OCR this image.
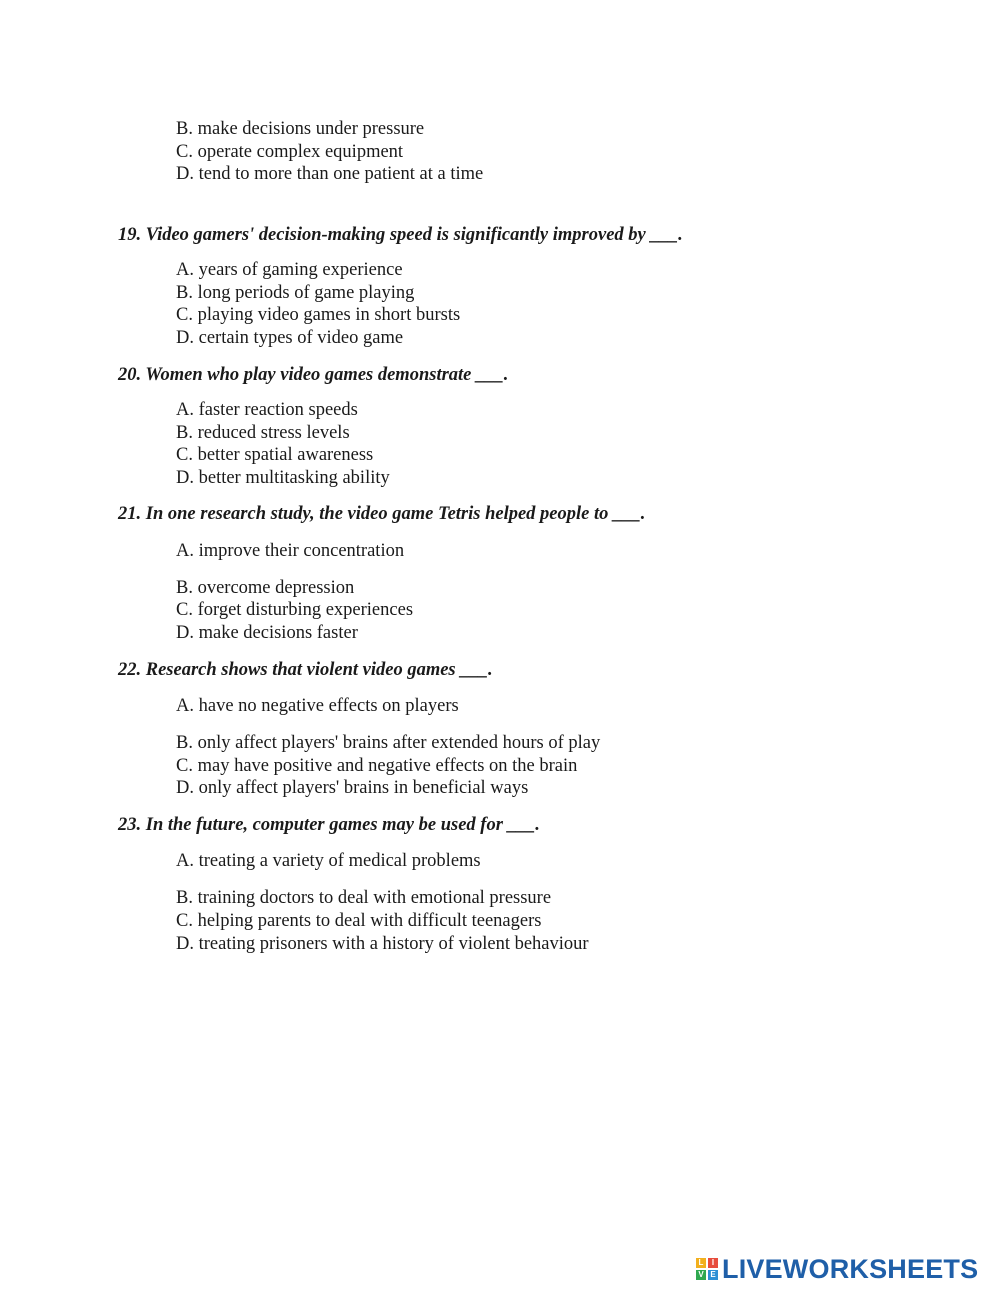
B. make decisions under pressure
C. operate complex equipment
D. tend to more than one patient at a time
19. Video gamers' decision-making speed is significantly improved by ___.
A. years of gaming experience
B. long periods of game playing
C. playing video games in short bursts
D. certain types of video game
20. Women who play video games demonstrate ___.
A. faster reaction speeds
B. reduced stress levels
C. better spatial awareness
D. better multitasking ability
21. In one research study, the video game Tetris helped people to ___.
A. improve their concentration
B. overcome depression
C. forget disturbing experiences
D. make decisions faster
22. Research shows that violent video games ___.
A. have no negative effects on players
B. only affect players' brains after extended hours of play
C. may have positive and negative effects on the brain
D. only affect players' brains in beneficial ways
23. In the future, computer games may be used for ___.
A. treating a variety of medical problems
B. training doctors to deal with emotional pressure
C. helping parents to deal with difficult teenagers
D. treating prisoners with a history of violent behaviour
L	I
V E LIVEWORKSHEETS
